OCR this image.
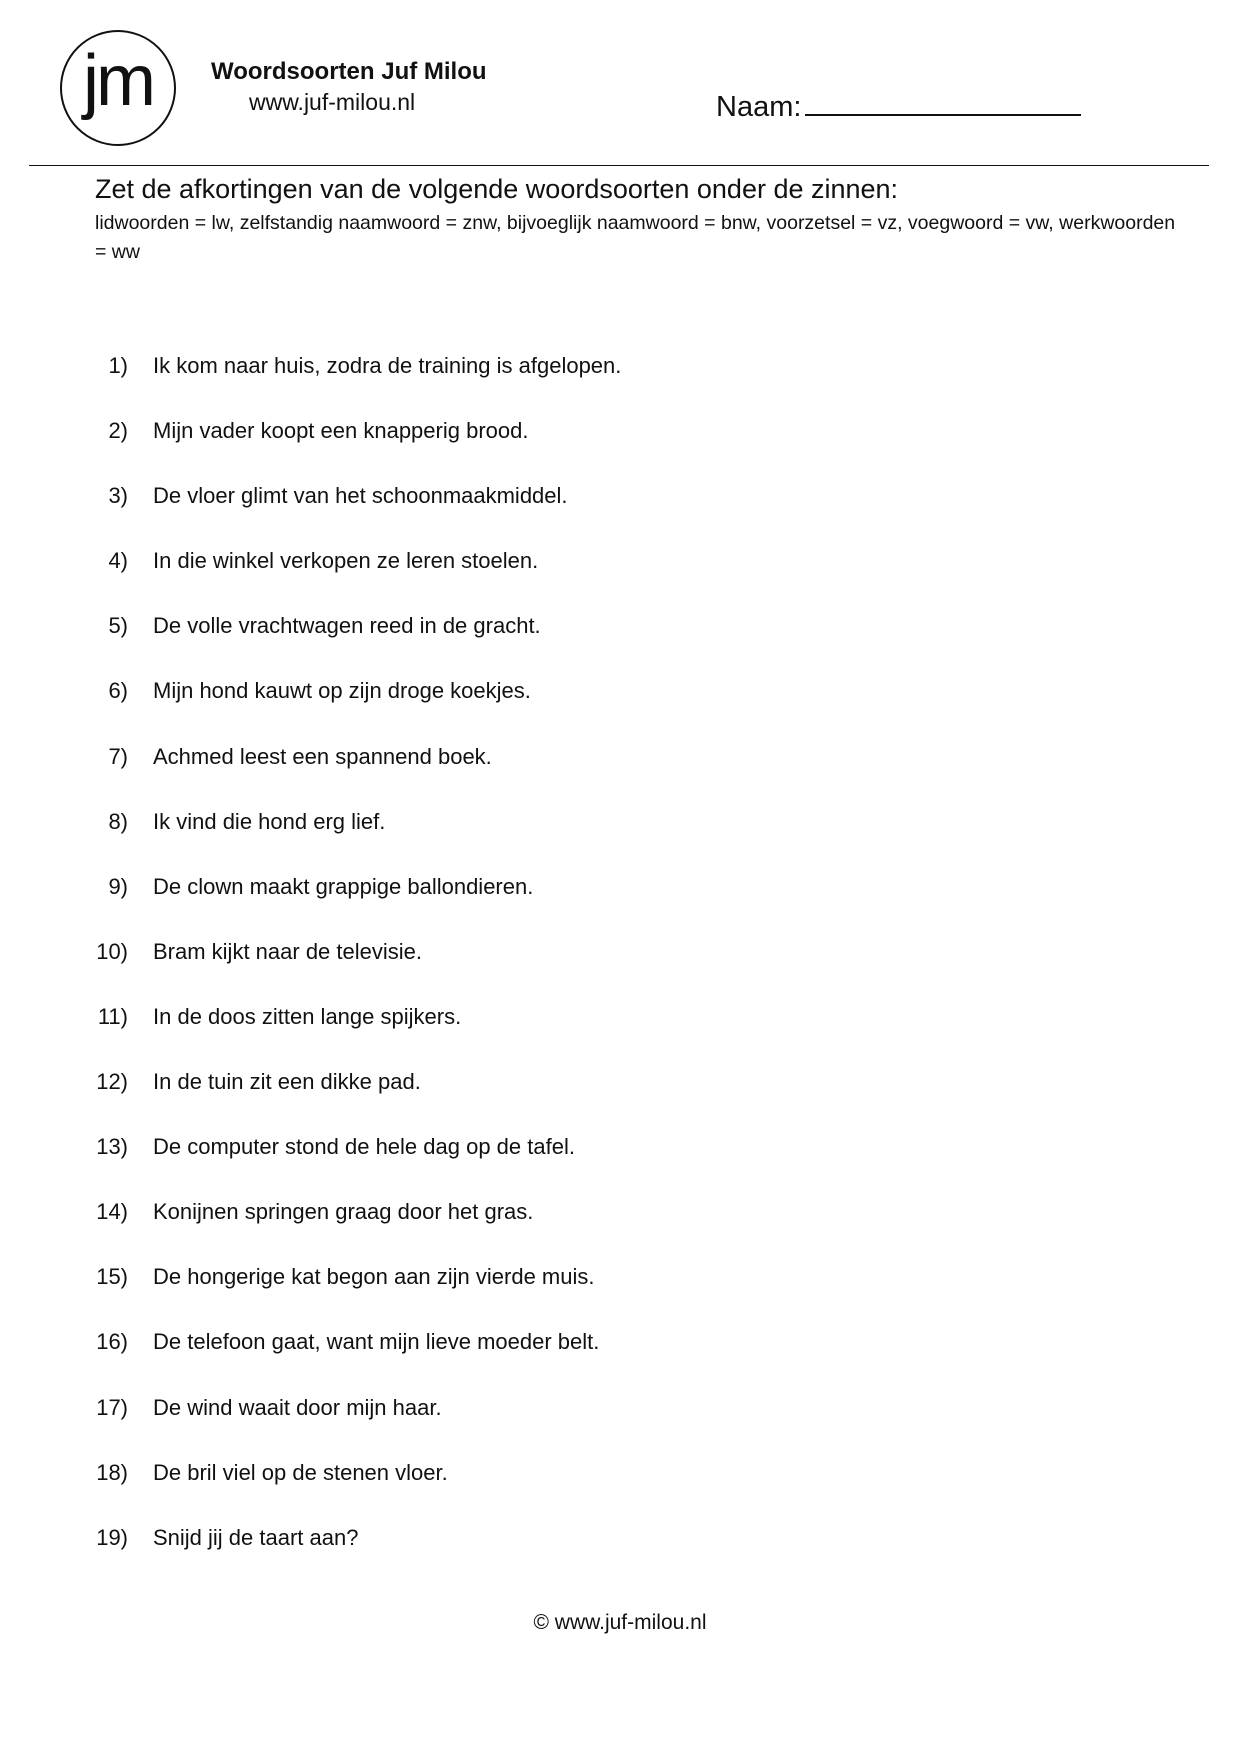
jm Woordsoorten Juf Milou
www.juf-milou.nl	Naam:
Zet de afkortingen van de volgende woordsoorten onder de zinnen:
lidwoorden = lw, zelfstandig naamwoord = znw, bijvoeglijk naamwoord = bnw, voorzetsel = vz, voegwoord = vw, werkwoorden = ww
1) Ik kom naar huis, zodra de training is afgelopen.
2) Mijn vader koopt een knapperig brood.
3) De vloer glimt van het schoonmaakmiddel.
4) In die winkel verkopen ze leren stoelen.
5) De volle vrachtwagen reed in de gracht.
6) Mijn hond kauwt op zijn droge koekjes.
7) Achmed leest een spannend boek.
8) Ik vind die hond erg lief.
9) De clown maakt grappige ballondieren.
10) Bram kijkt naar de televisie.
11) In de doos zitten lange spijkers.
12) In de tuin zit een dikke pad.
13) De computer stond de hele dag op de tafel.
14) Konijnen springen graag door het gras.
15) De hongerige kat begon aan zijn vierde muis.
16) De telefoon gaat, want mijn lieve moeder belt.
17) De wind waait door mijn haar.
18) De bril viel op de stenen vloer.
19) Snijd jij de taart aan?
© www.juf-milou.nl
